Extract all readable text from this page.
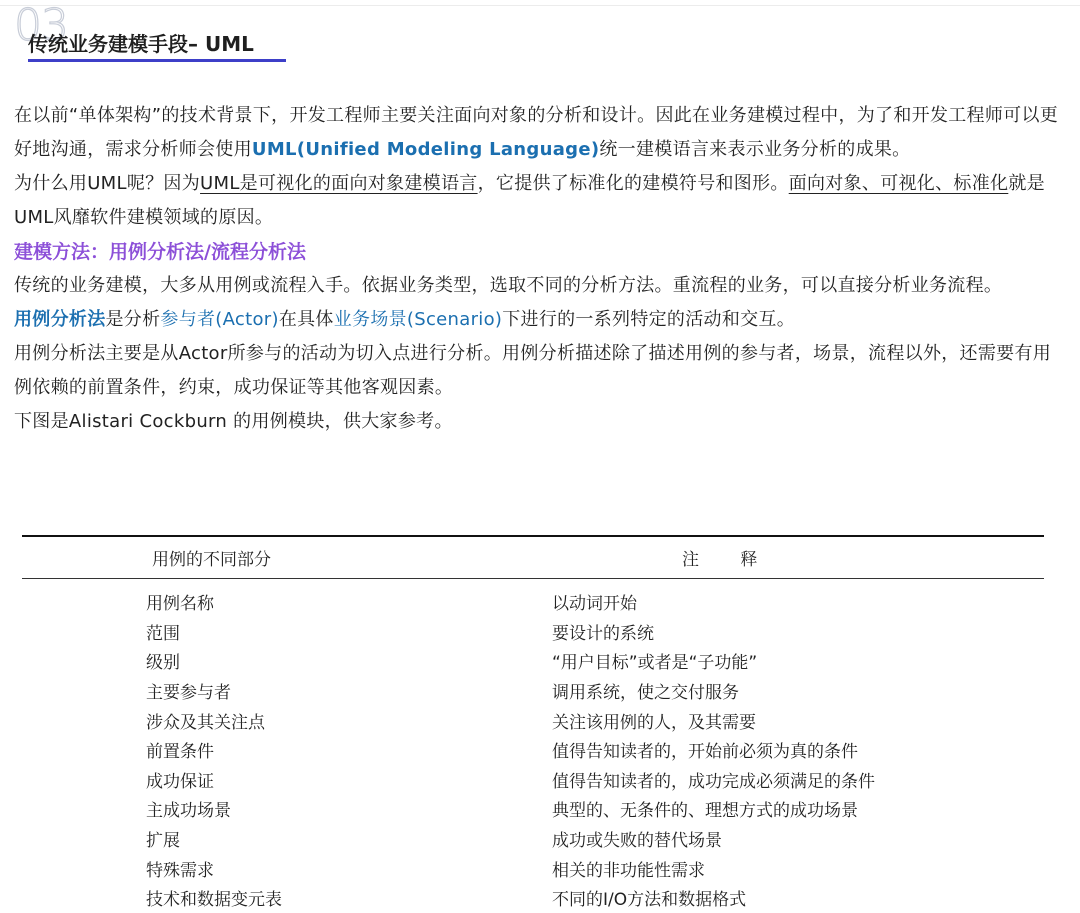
03
传统业务建模手段– UML

在以前“单体架构”的技术背景下，开发工程师主要关注面向对象的分析和设计。因此在业务建模过程中，为了和开发工程师可以更好地沟通，需求分析师会使用UML(Unified Modeling Language)统一建模语言来表示业务分析的成果。

为什么用UML呢？因为UML是可视化的面向对象建模语言，它提供了标准化的建模符号和图形。面向对象、可视化、标准化就是UML风靡软件建模领域的原因。

建模方法：用例分析法/流程分析法

传统的业务建模，大多从用例或流程入手。依据业务类型，选取不同的分析方法。重流程的业务，可以直接分析业务流程。

用例分析法是分析参与者(Actor)在具体业务场景(Scenario)下进行的一系列特定的活动和交互。

用例分析法主要是从Actor所参与的活动为切入点进行分析。用例分析描述除了描述用例的参与者，场景，流程以外，还需要有用例依赖的前置条件，约束，成功保证等其他客观因素。

下图是Alistari Cockburn 的用例模块，供大家参考。

用例的不同部分	注 释
用例名称	以动词开始
范围	要设计的系统
级别	“用户目标”或者是“子功能”
主要参与者	调用系统，使之交付服务
涉众及其关注点	关注该用例的人，及其需要
前置条件	值得告知读者的，开始前必须为真的条件
成功保证	值得告知读者的，成功完成必须满足的条件
主成功场景	典型的、无条件的、理想方式的成功场景
扩展	成功或失败的替代场景
特殊需求	相关的非功能性需求
技术和数据变元表	不同的I/O方法和数据格式
